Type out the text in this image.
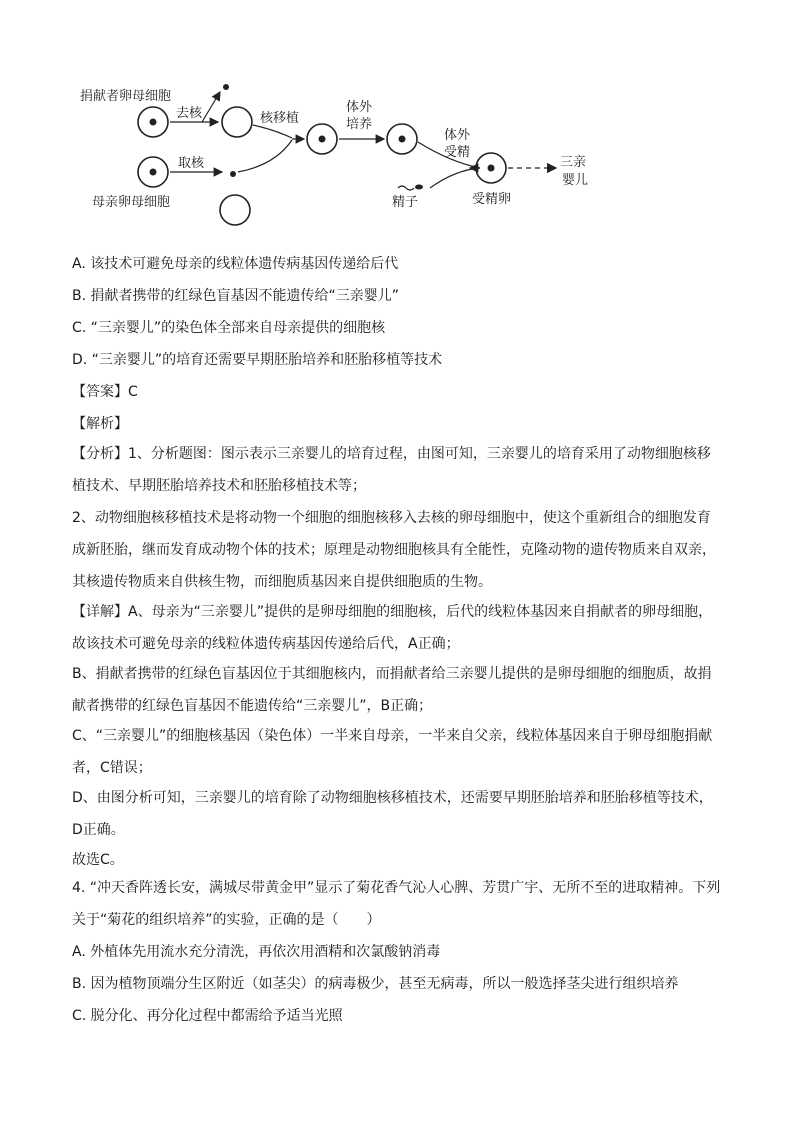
捐献者卵母细胞
母亲卵母细胞
去核
取核
核移植
体外
培养
体外
受精
精子	受精卵
三亲
婴儿
A. 该技术可避免母亲的线粒体遗传病基因传递给后代
B. 捐献者携带的红绿色盲基因不能遗传给“三亲婴儿”
C. “三亲婴儿”的染色体全部来自母亲提供的细胞核
D. “三亲婴儿”的培育还需要早期胚胎培养和胚胎移植等技术
【答案】C
【解析】
【分析】1、分析题图：图示表示三亲婴儿的培育过程，由图可知，三亲婴儿的培育采用了动物细胞核移植技术、早期胚胎培养技术和胚胎移植技术等；
2、动物细胞核移植技术是将动物一个细胞的细胞核移入去核的卵母细胞中，使这个重新组合的细胞发育成新胚胎，继而发育成动物个体的技术；原理是动物细胞核具有全能性，克隆动物的遗传物质来自双亲，其核遗传物质来自供核生物，而细胞质基因来自提供细胞质的生物。
【详解】A、母亲为“三亲婴儿”提供的是卵母细胞的细胞核，后代的线粒体基因来自捐献者的卵母细胞，故该技术可避免母亲的线粒体遗传病基因传递给后代，A正确；
B、捐献者携带的红绿色盲基因位于其细胞核内，而捐献者给三亲婴儿提供的是卵母细胞的细胞质，故捐献者携带的红绿色盲基因不能遗传给“三亲婴儿”，B正确；
C、“三亲婴儿”的细胞核基因（染色体）一半来自母亲，一半来自父亲，线粒体基因来自于卵母细胞捐献者，C错误；
D、由图分析可知，三亲婴儿的培育除了动物细胞核移植技术，还需要早期胚胎培养和胚胎移植等技术，D正确。
故选C。
4. “冲天香阵透长安，满城尽带黄金甲”显示了菊花香气沁人心脾、芳贯广宇、无所不至的进取精神。下列关于“菊花的组织培养”的实验，正确的是（　　）
A. 外植体先用流水充分清洗，再依次用酒精和次氯酸钠消毒
B. 因为植物顶端分生区附近（如茎尖）的病毒极少，甚至无病毒，所以一般选择茎尖进行组织培养
C. 脱分化、再分化过程中都需给予适当光照
